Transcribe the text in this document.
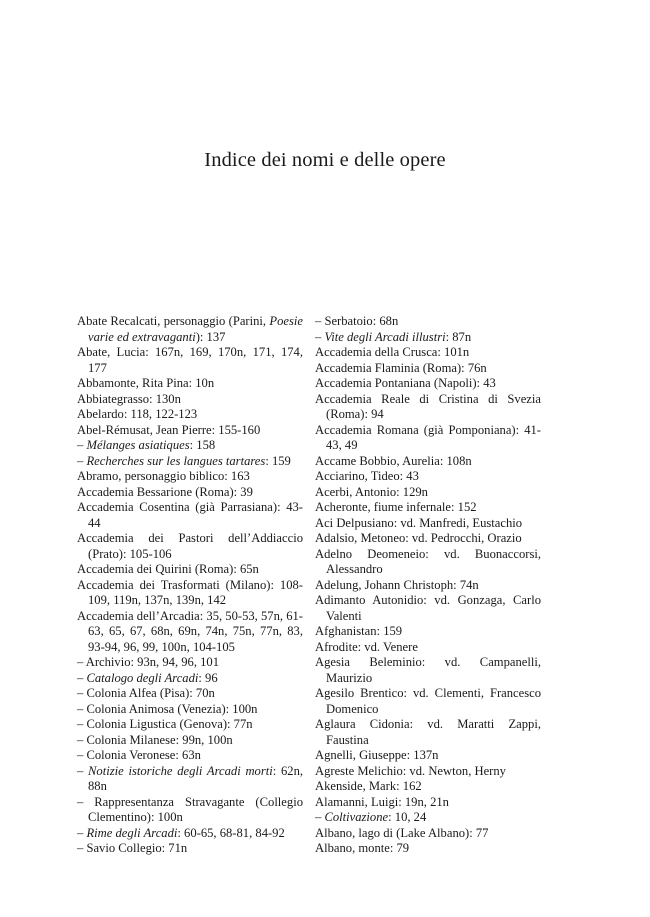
Indice dei nomi e delle opere
Abate Recalcati, personaggio (Parini, Poesie varie ed extravaganti): 137
Abate, Lucia: 167n, 169, 170n, 171, 174, 177
Abbamonte, Rita Pina: 10n
Abbiategrasso: 130n
Abelardo: 118, 122-123
Abel-Rémusat, Jean Pierre: 155-160
– Mélanges asiatiques: 158
– Recherches sur les langues tartares: 159
Abramo, personaggio biblico: 163
Accademia Bessarione (Roma): 39
Accademia Cosentina (già Parrasiana): 43-44
Accademia dei Pastori dell’Addiaccio (Prato): 105-106
Accademia dei Quirini (Roma): 65n
Accademia dei Trasformati (Milano): 108-109, 119n, 137n, 139n, 142
Accademia dell’Arcadia: 35, 50-53, 57n, 61-63, 65, 67, 68n, 69n, 74n, 75n, 77n, 83, 93-94, 96, 99, 100n, 104-105
– Archivio: 93n, 94, 96, 101
– Catalogo degli Arcadi: 96
– Colonia Alfea (Pisa): 70n
– Colonia Animosa (Venezia): 100n
– Colonia Ligustica (Genova): 77n
– Colonia Milanese: 99n, 100n
– Colonia Veronese: 63n
– Notizie istoriche degli Arcadi morti: 62n, 88n
– Rappresentanza Stravagante (Collegio Clementino): 100n
– Rime degli Arcadi: 60-65, 68-81, 84-92
– Savio Collegio: 71n
– Serbatoio: 68n
– Vite degli Arcadi illustri: 87n
Accademia della Crusca: 101n
Accademia Flaminia (Roma): 76n
Accademia Pontaniana (Napoli): 43
Accademia Reale di Cristina di Svezia (Roma): 94
Accademia Romana (già Pomponiana): 41-43, 49
Accame Bobbio, Aurelia: 108n
Acciarino, Tideo: 43
Acerbi, Antonio: 129n
Acheronte, fiume infernale: 152
Aci Delpusiano: vd. Manfredi, Eustachio
Adalsio, Metoneo: vd. Pedrocchi, Orazio
Adelno Deomeneio: vd. Buonaccorsi, Alessandro
Adelung, Johann Christoph: 74n
Adimanto Autonidio: vd. Gonzaga, Carlo Valenti
Afghanistan: 159
Afrodite: vd. Venere
Agesia Beleminio: vd. Campanelli, Maurizio
Agesilo Brentico: vd. Clementi, Francesco Domenico
Aglaura Cidonia: vd. Maratti Zappi, Faustina
Agnelli, Giuseppe: 137n
Agreste Melichio: vd. Newton, Herny
Akenside, Mark: 162
Alamanni, Luigi: 19n, 21n
– Coltivazione: 10, 24
Albano, lago di (Lake Albano): 77
Albano, monte: 79
